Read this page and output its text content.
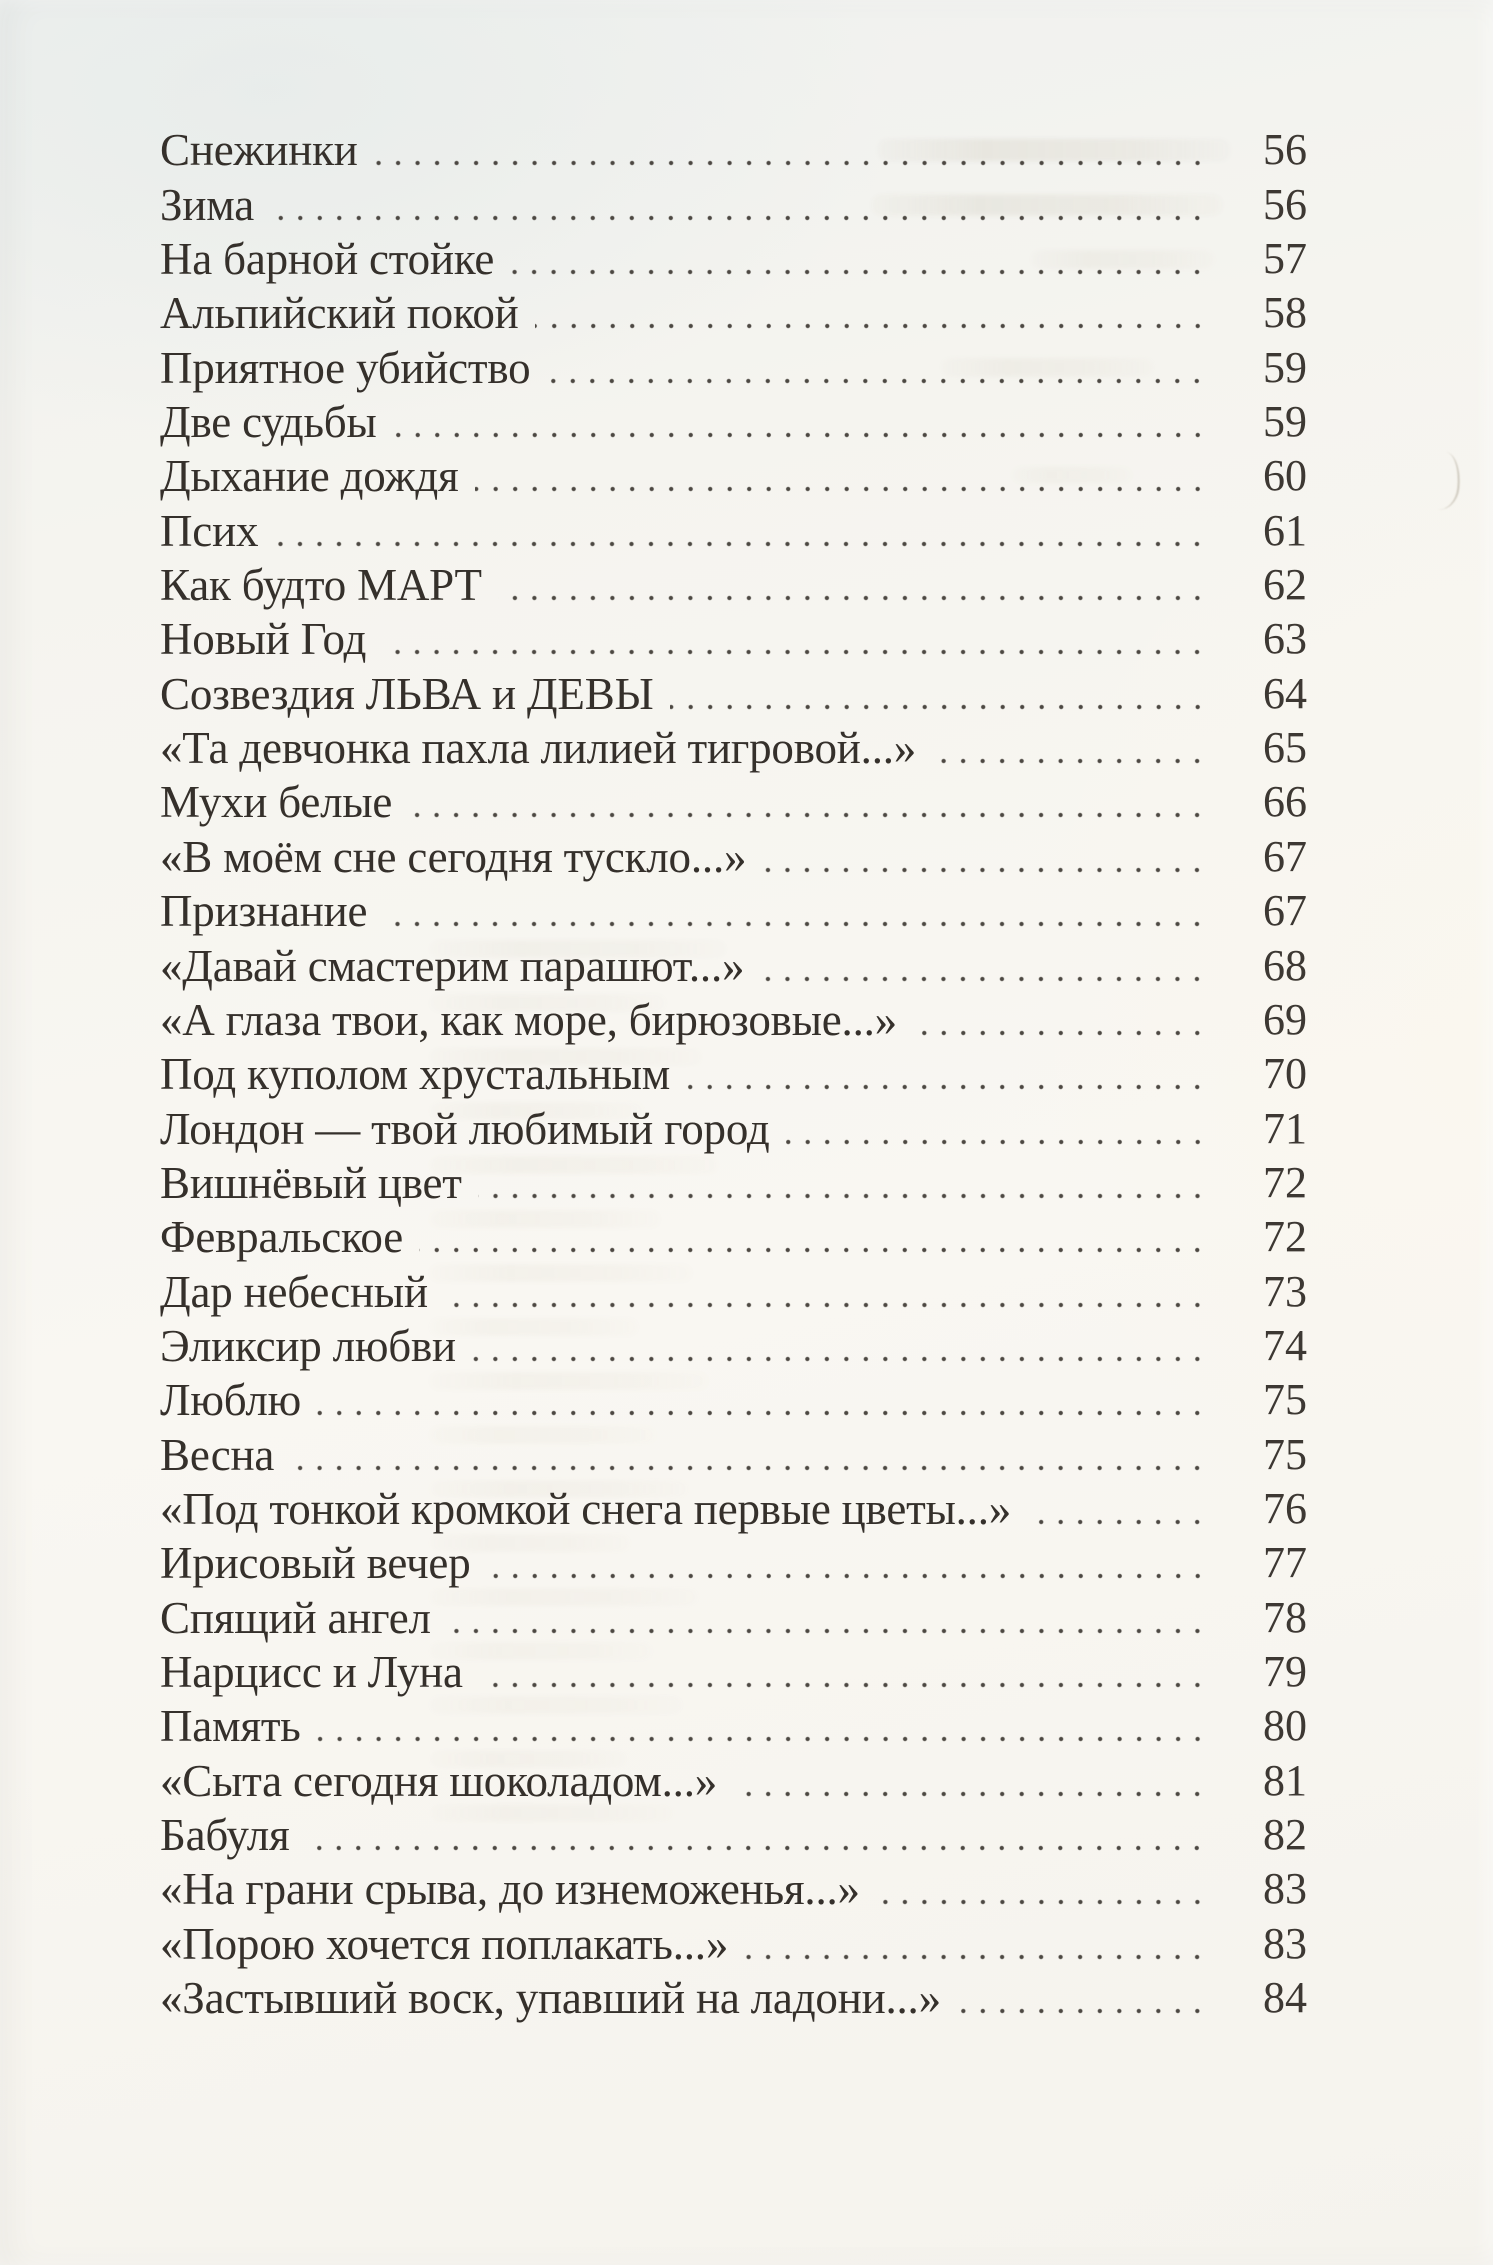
Снежинки	56
Зима	56
На барной стойке	57
Альпийский покой	58
Приятное убийство	59
Две судьбы	59
Дыхание дождя	60
Псих	61
Как будто МАРТ	62
Новый Год	63
Созвездия ЛЬВА и ДЕВЫ	64
«Та девчонка пахла лилией тигровой...»	65
Мухи белые	66
«В моём сне сегодня тускло...»	67
Признание	67
«Давай смастерим парашют...»	68
«А глаза твои, как море, бирюзовые...»	69
Под куполом хрустальным	70
Лондон — твой любимый город	71
Вишнёвый цвет	72
Февральское	72
Дар небесный	73
Эликсир любви	74
Люблю	75
Весна	75
«Под тонкой кромкой снега первые цветы...»	76
Ирисовый вечер	77
Спящий ангел	78
Нарцисс и Луна	79
Память	80
«Сыта сегодня шоколадом...»	81
Бабуля	82
«На грани срыва, до изнеможенья...»	83
«Порою хочется поплакать...»	83
«Застывший воск, упавший на ладони...»	84
